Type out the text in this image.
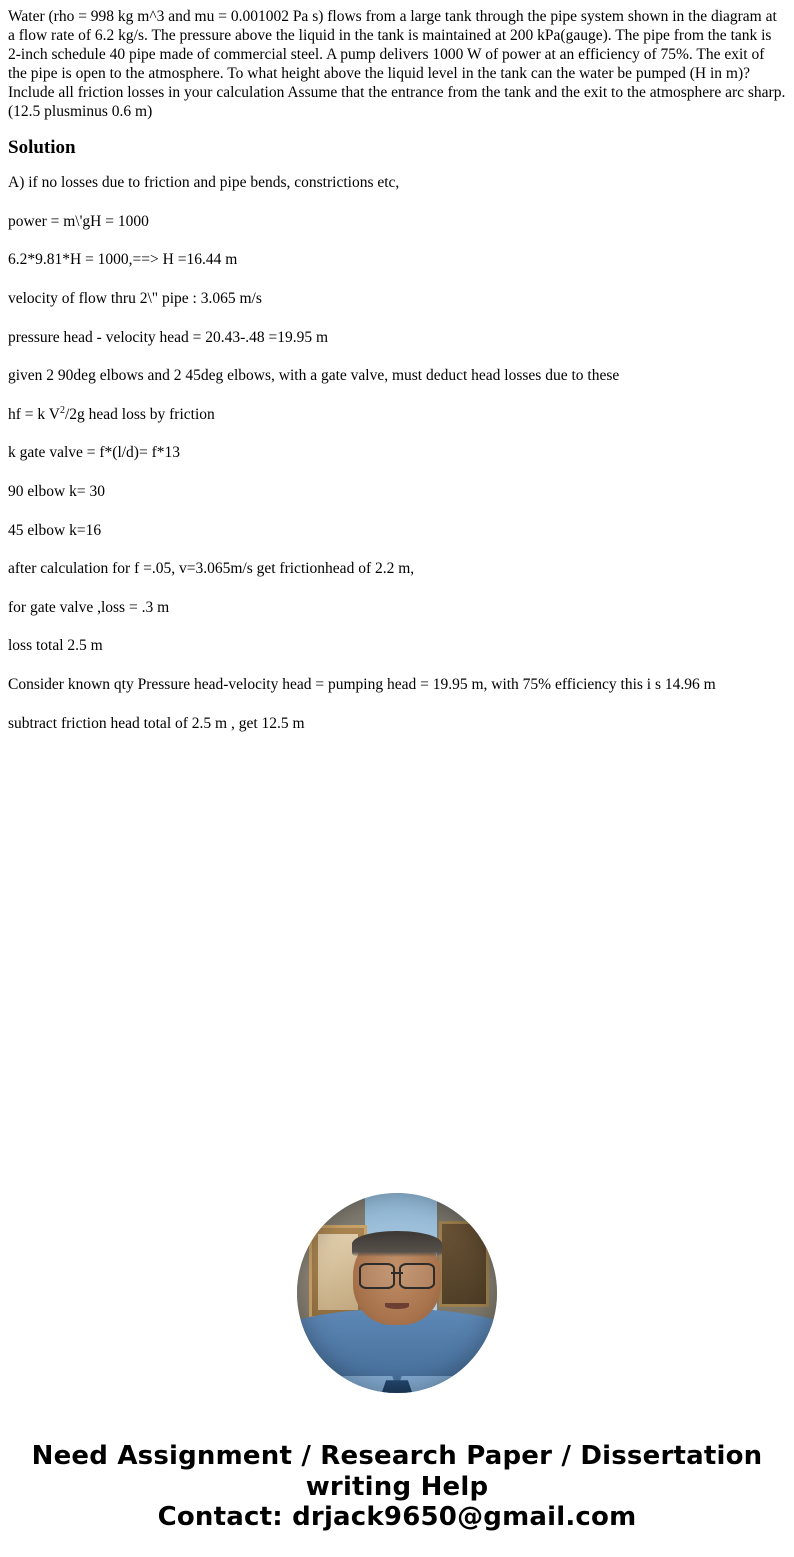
Water (rho = 998 kg m^3 and mu = 0.001002 Pa s) flows from a large tank through the pipe system shown in the diagram at a flow rate of 6.2 kg/s. The pressure above the liquid in the tank is maintained at 200 kPa(gauge). The pipe from the tank is 2-inch schedule 40 pipe made of commercial steel. A pump delivers 1000 W of power at an efficiency of 75%. The exit of the pipe is open to the atmosphere. To what height above the liquid level in the tank can the water be pumped (H in m)? Include all friction losses in your calculation Assume that the entrance from the tank and the exit to the atmosphere arc sharp. (12.5 plusminus 0.6 m)

Solution

A) if no losses due to friction and pipe bends, constrictions etc,

power = m\'gH = 1000

6.2*9.81*H = 1000,==> H =16.44 m

velocity of flow thru 2\" pipe : 3.065 m/s

pressure head - velocity head = 20.43-.48 =19.95 m

given 2 90deg elbows and 2 45deg elbows, with a gate valve, must deduct head losses due to these

hf = k $V^2/2g$ head loss by friction

k gate valve = f*(l/d)= f*13

90 elbow k= 30

45 elbow k=16

after calculation for f =.05, v=3.065m/s get frictionhead of 2.2 m,

for gate valve ,loss = .3 m

loss total 2.5 m

Consider known qty Pressure head-velocity head = pumping head = 19.95 m, with 75% efficiency this i s 14.96 m

subtract friction head total of 2.5 m , get 12.5 m

Need Assignment / Research Paper / Dissertation writing Help
Contact: drjack9650@gmail.com
